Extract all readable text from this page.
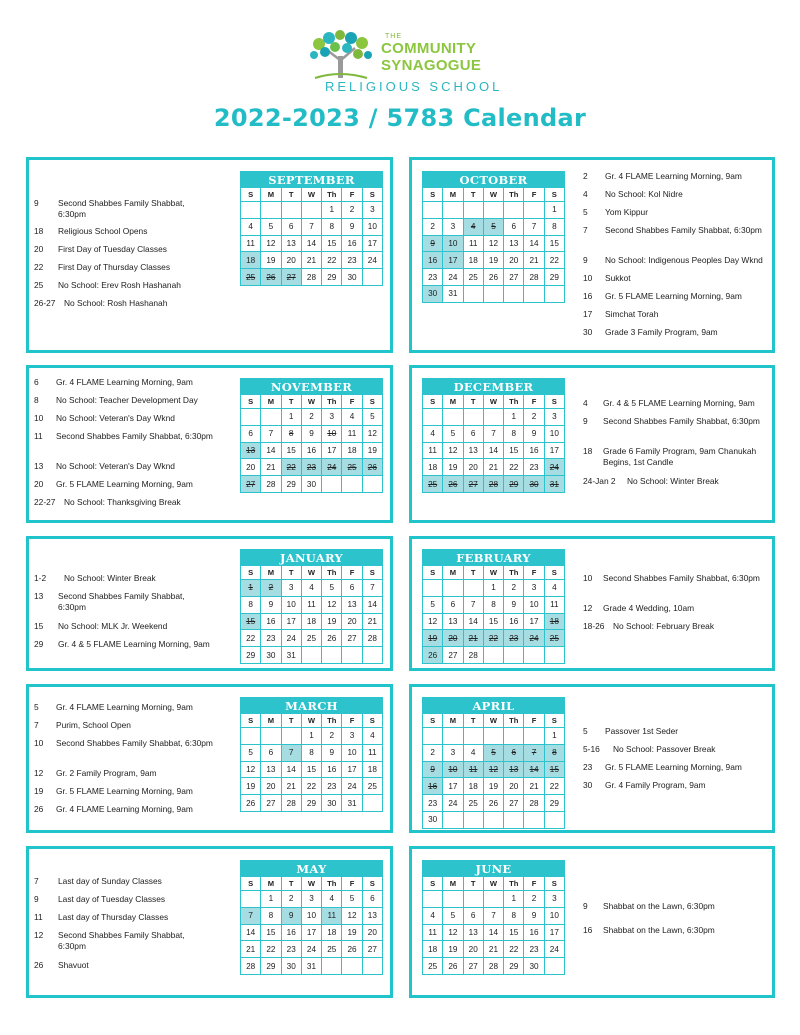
THE
COMMUNITY
SYNAGOGUE
RELIGIOUS SCHOOL
2022-2023 / 5783 Calendar
SEPTEMBER						
S	M	T	W	Th	F	S
				1	2	3
4	5	6	7	8	9	10
11	12	13	14	15	16	17
18	19	20	21	22	23	24
25	26	27	28	29	30	
9	Second Shabbes Family Shabbat, 6:30pm
18	Religious School Opens
20	First Day of Tuesday Classes
22	First Day of Thursday Classes
25	No School: Erev Rosh Hashanah
26-27	No School: Rosh Hashanah
OCTOBER						
S	M	T	W	Th	F	S
						1
2	3	4	5	6	7	8
9	10	11	12	13	14	15
16	17	18	19	20	21	22
23	24	25	26	27	28	29
30	31					
2	Gr. 4 FLAME Learning Morning, 9am
4	No School: Kol Nidre
5	Yom Kippur
7	Second Shabbes Family Shabbat, 6:30pm
9	No School: Indigenous Peoples Day Wknd
10	Sukkot
16	Gr. 5 FLAME Learning Morning, 9am
17	Simchat Torah
30	Grade 3 Family Program, 9am
NOVEMBER						
S	M	T	W	Th	F	S
		1	2	3	4	5
6	7	8	9	10	11	12
13	14	15	16	17	18	19
20	21	22	23	24	25	26
27	28	29	30			
6	Gr. 4 FLAME Learning Morning, 9am
8	No School: Teacher Development Day
10	No School: Veteran's Day Wknd
11	Second Shabbes Family Shabbat, 6:30pm
13	No School: Veteran's Day Wknd
20	Gr. 5 FLAME Learning Morning, 9am
22-27	No School: Thanksgiving Break
DECEMBER						
S	M	T	W	Th	F	S
				1	2	3
4	5	6	7	8	9	10
11	12	13	14	15	16	17
18	19	20	21	22	23	24
25	26	27	28	29	30	31
4	Gr. 4 & 5 FLAME Learning Morning, 9am
9	Second Shabbes Family Shabbat, 6:30pm
18	Grade 6 Family Program, 9am Chanukah Begins, 1st Candle
24-Jan 2	No School: Winter Break
JANUARY						
S	M	T	W	Th	F	S
1	2	3	4	5	6	7
8	9	10	11	12	13	14
15	16	17	18	19	20	21
22	23	24	25	26	27	28
29	30	31				
1-2	No School: Winter Break
13	Second Shabbes Family Shabbat, 6:30pm
15	No School: MLK Jr. Weekend
29	Gr. 4 & 5 FLAME Learning Morning, 9am
FEBRUARY						
S	M	T	W	Th	F	S
			1	2	3	4
5	6	7	8	9	10	11
12	13	14	15	16	17	18
19	20	21	22	23	24	25
26	27	28				
10	Second Shabbes Family Shabbat, 6:30pm
12	Grade 4 Wedding, 10am
18-26	No School: February Break
MARCH						
S	M	T	W	Th	F	S
			1	2	3	4
5	6	7	8	9	10	11
12	13	14	15	16	17	18
19	20	21	22	23	24	25
26	27	28	29	30	31	
5	Gr. 4 FLAME Learning Morning, 9am
7	Purim, School Open
10	Second Shabbes Family Shabbat, 6:30pm
12	Gr. 2 Family Program, 9am
19	Gr. 5 FLAME Learning Morning, 9am
26	Gr. 4 FLAME Learning Morning, 9am
APRIL						
S	M	T	W	Th	F	S
						1
2	3	4	5	6	7	8
9	10	11	12	13	14	15
16	17	18	19	20	21	22
23	24	25	26	27	28	29
30						
5	Passover 1st Seder
5-16	No School: Passover Break
23	Gr. 5 FLAME Learning Morning, 9am
30	Gr. 4 Family Program, 9am
MAY						
S	M	T	W	Th	F	S
	1	2	3	4	5	6
7	8	9	10	11	12	13
14	15	16	17	18	19	20
21	22	23	24	25	26	27
28	29	30	31			
7	Last day of Sunday Classes
9	Last day of Tuesday Classes
11	Last day of Thursday Classes
12	Second Shabbes Family Shabbat, 6:30pm
26	Shavuot
JUNE						
S	M	T	W	Th	F	S
				1	2	3
4	5	6	7	8	9	10
11	12	13	14	15	16	17
18	19	20	21	22	23	24
25	26	27	28	29	30	
9	Shabbat on the Lawn, 6:30pm
16	Shabbat on the Lawn, 6:30pm
